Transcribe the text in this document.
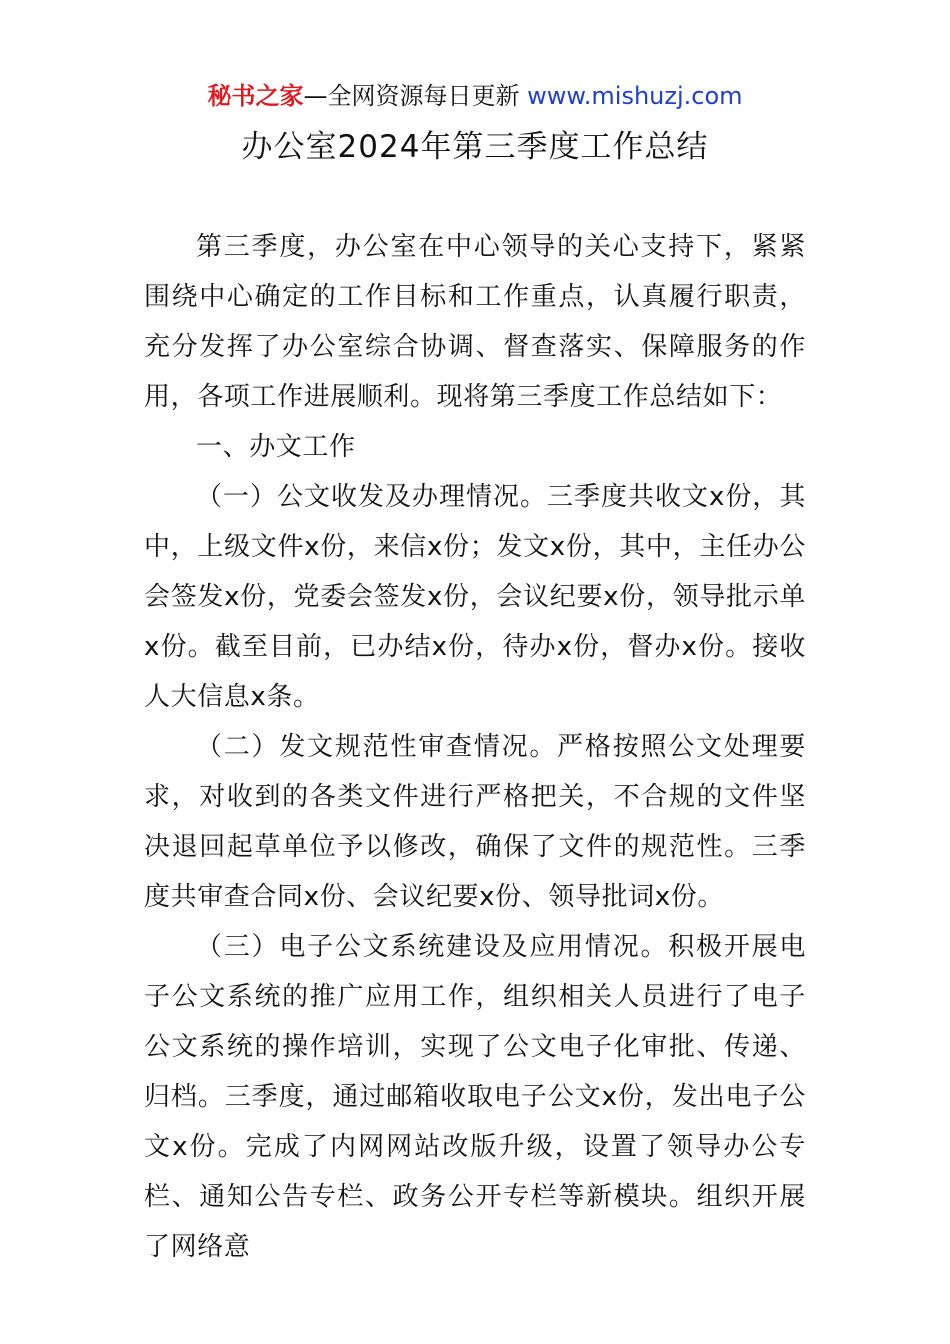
秘书之家—全网资源每日更新 www.mishuzj.com
办公室2024年第三季度工作总结

第三季度，办公室在中心领导的关心支持下，紧紧围绕中心确定的工作目标和工作重点，认真履行职责，充分发挥了办公室综合协调、督查落实、保障服务的作用，各项工作进展顺利。现将第三季度工作总结如下：

一、办文工作

（一）公文收发及办理情况。三季度共收文x份，其中，上级文件x份，来信x份；发文x份，其中，主任办公会签发x份，党委会签发x份，会议纪要x份，领导批示单x份。截至目前，已办结x份，待办x份，督办x份。接收人大信息x条。

（二）发文规范性审查情况。严格按照公文处理要求，对收到的各类文件进行严格把关，不合规的文件坚决退回起草单位予以修改，确保了文件的规范性。三季度共审查合同x份、会议纪要x份、领导批词x份。

（三）电子公文系统建设及应用情况。积极开展电子公文系统的推广应用工作，组织相关人员进行了电子公文系统的操作培训，实现了公文电子化审批、传递、归档。三季度，通过邮箱收取电子公文x份，发出电子公文x份。完成了内网网站改版升级，设置了领导办公专栏、通知公告专栏、政务公开专栏等新模块。组织开展了网络意
